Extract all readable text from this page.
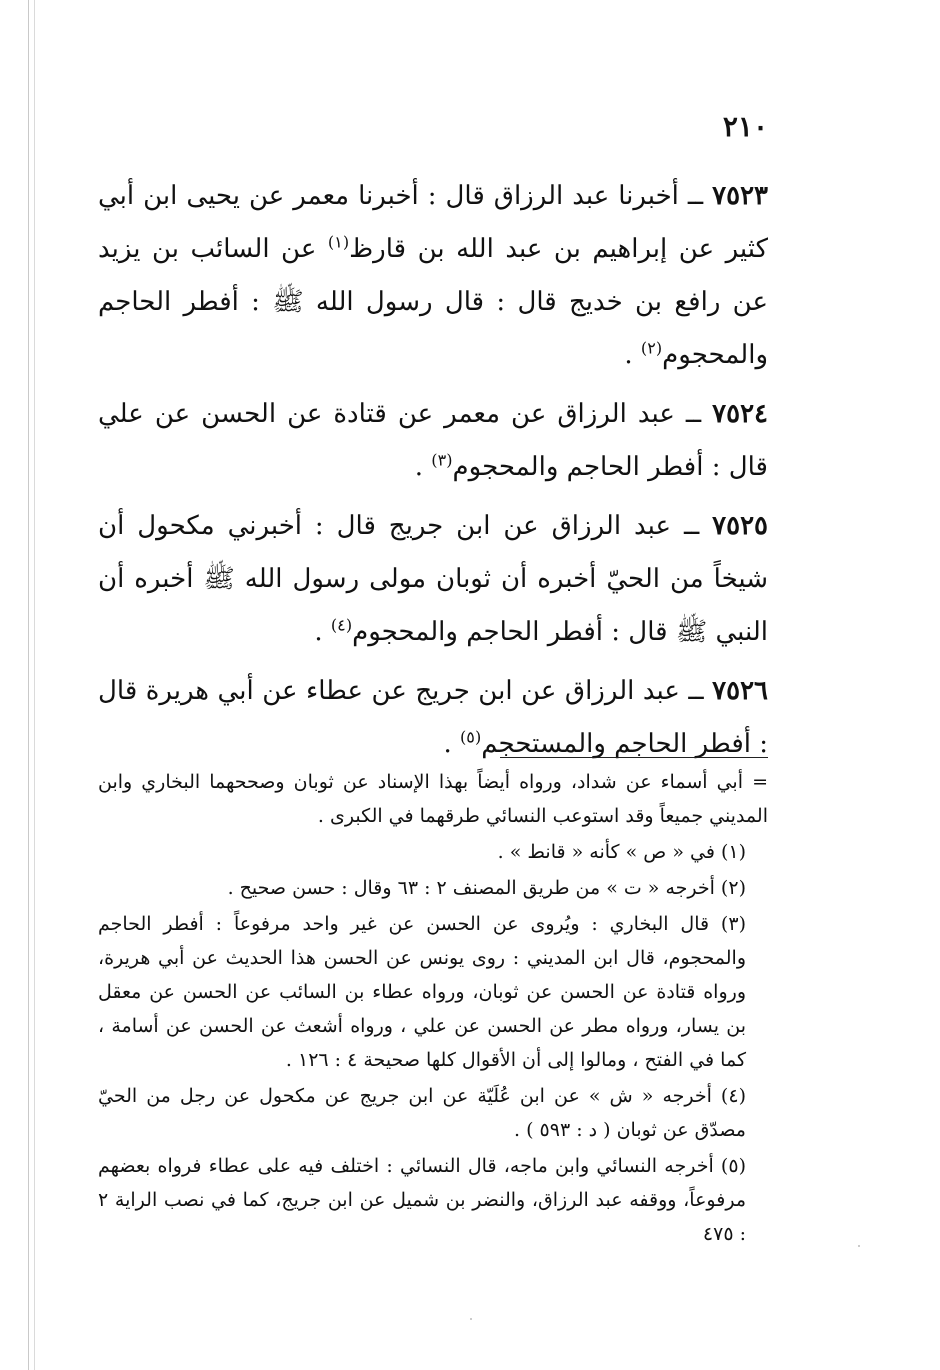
٢١٠

٧٥٢٣ ــ أخبرنا عبد الرزاق قال : أخبرنا معمر عن يحيى ابن أبي كثير عن إبراهيم بن عبد الله بن قارظ$^{(١)}$ عن السائب بن يزيد عن رافع بن خديج قال : قال رسول الله ﷺ : أفطر الحاجم والمحجوم$^{(٢)}$ .

٧٥٢٤ ــ عبد الرزاق عن معمر عن قتادة عن الحسن عن علي قال : أفطر الحاجم والمحجوم$^{(٣)}$ .

٧٥٢٥ ــ عبد الرزاق عن ابن جريج قال : أخبرني مكحول أن شيخاً من الحيّ أخبره أن ثوبان مولى رسول الله ﷺ أخبره أن النبي ﷺ قال : أفطر الحاجم والمحجوم$^{(٤)}$ .

٧٥٢٦ ــ عبد الرزاق عن ابن جريج عن عطاء عن أبي هريرة قال : أفطر الحاجم والمستحجم$^{(٥)}$ .

= أبي أسماء عن شداد، ورواه أيضاً بهذا الإسناد عن ثوبان وصححهما البخاري وابن المديني جميعاً وقد استوعب النسائي طرقهما في الكبرى .

(١) في « ص » كأنه « قانط » .

(٢) أخرجه « ت » من طريق المصنف ٢ : ٦٣ وقال : حسن صحيح .

(٣) قال البخاري : ويُروى عن الحسن عن غير واحد مرفوعاً : أفطر الحاجم والمحجوم، قال ابن المديني : روى يونس عن الحسن هذا الحديث عن أبي هريرة، ورواه قتادة عن الحسن عن ثوبان، ورواه عطاء بن السائب عن الحسن عن معقل بن يسار، ورواه مطر عن الحسن عن علي ، ورواه أشعث عن الحسن عن أسامة ، كما في الفتح ، ومالوا إلى أن الأقوال كلها صحيحة ٤ : ١٢٦ .

(٤) أخرجه « ش » عن ابن عُلَيّة عن ابن جريج عن مكحول عن رجل من الحيّ مصدّق عن ثوبان ( د : ٥٩٣ ) .

(٥) أخرجه النسائي وابن ماجه، قال النسائي : اختلف فيه على عطاء فرواه بعضهم مرفوعاً، ووقفه عبد الرزاق، والنضر بن شميل عن ابن جريج، كما في نصب الراية ٢ : ٤٧٥
